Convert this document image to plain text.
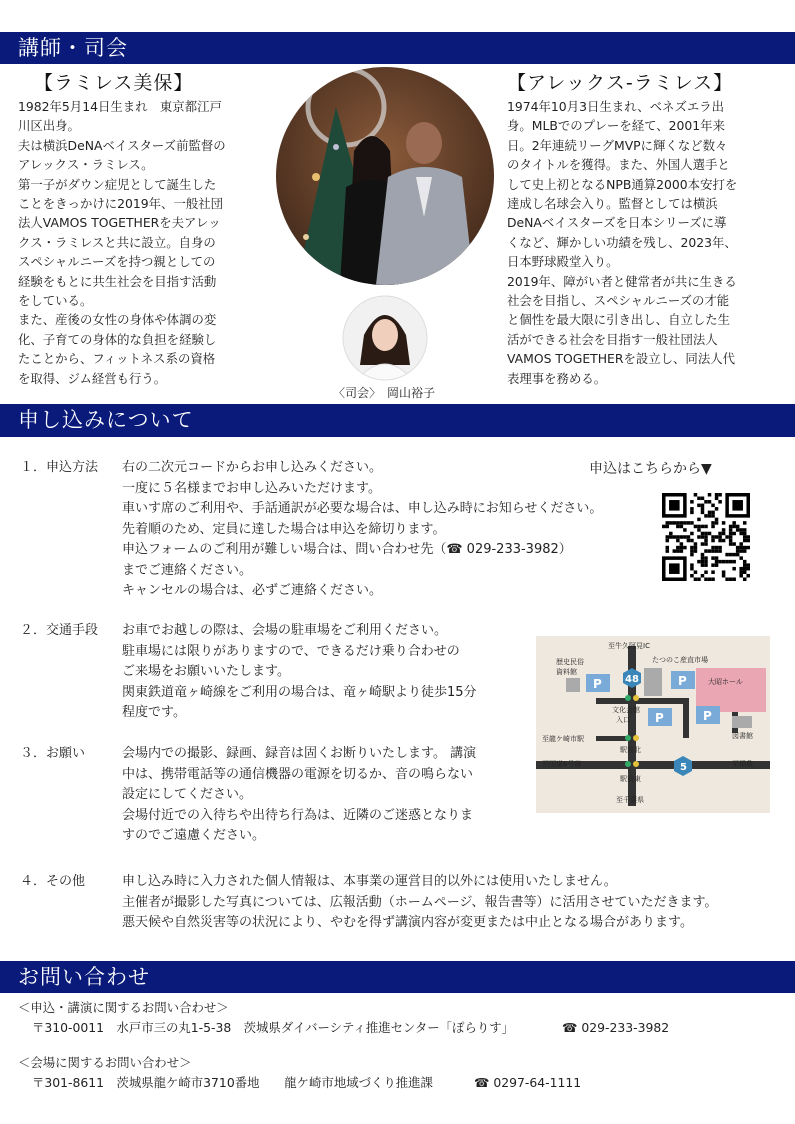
講師・司会
【ラミレス美保】
1982年5月14日生まれ　東京都江戸
川区出身。
夫は横浜DeNAベイスターズ前監督の
アレックス・ラミレス。
第一子がダウン症児として誕生した
ことをきっかけに2019年、一般社団
法人VAMOS TOGETHERを夫アレッ
クス・ラミレスと共に設立。自身の
スペシャルニーズを持つ親としての
経験をもとに共生社会を目指す活動
をしている。
また、産後の女性の身体や体調の変
化、子育ての身体的な負担を経験し
たことから、フィットネス系の資格
を取得、ジム経営も行う。
〈司会〉　岡山裕子
【アレックス‐ラミレス】
1974年10月3日生まれ、ベネズエラ出
身。MLBでのプレーを経て、2001年来
日。2年連続リーグMVPに輝くなど数々
のタイトルを獲得。また、外国人選手と
して史上初となるNPB通算2000本安打を
達成し名球会入り。監督としては横浜
DeNAベイスターズを日本シリーズに導
くなど、輝かしい功績を残し、2023年、
日本野球殿堂入り。
2019年、障がい者と健常者が共に生きる
社会を目指し、スペシャルニーズの才能
と個性を最大限に引き出し、自立した生
活ができる社会を目指す一般社団法人
VAMOS TOGETHERを設立し、同法人代
表理事を務める。
申し込みについて
申込はこちらから▼
１．申込方法 右の二次元コードからお申し込みください。
一度に５名様までお申し込みいただけます。
車いす席のご利用や、手話通訳が必要な場合は、申し込み時にお知らせください。
先着順のため、定員に達した場合は申込を締切ります。
申込フォームのご利用が難しい場合は、問い合わせ先（☎ 029-233-3982）
までご連絡ください。
キャンセルの場合は、必ずご連絡ください。
２．交通手段 お車でお越しの際は、会場の駐車場をご利用ください。
駐車場には限りがありますので、できるだけ乗り合わせの
ご来場をお願いいたします。
関東鉄道竜ヶ崎線をご利用の場合は、竜ヶ崎駅より徒歩15分
程度です。
P	P
P	P
48
5
至牛久阿見IC
たつのこ産直市場
歴史民俗
資料館
大昭ホール
図書館
文化会館
入口
駅前北
駅前東
至龍ケ崎市駅
至国道6号線	至稲敷
至千葉県
３．お願い	会場内での撮影、録画、録音は固くお断りいたします。 講演
中は、携帯電話等の通信機器の電源を切るか、音の鳴らない
設定にしてください。
会場付近での入待ちや出待ち行為は、近隣のご迷惑となりま
すのでご遠慮ください。
４．その他	申し込み時に入力された個人情報は、本事業の運営目的以外には使用いたしません。
主催者が撮影した写真については、広報活動（ホームページ、報告書等）に活用させていただきます。
悪天候や自然災害等の状況により、やむを得ず講演内容が変更または中止となる場合があります。
お問い合わせ
＜申込・講演に関するお問い合わせ＞
〒310-0011　水戸市三の丸1-5-38　茨城県ダイバーシティ推進センター「ぽらりす」	☎ 029-233-3982
＜会場に関するお問い合わせ＞
〒301-8611　茨城県龍ケ崎市3710番地　　龍ケ崎市地域づくり推進課	☎ 0297-64-1111
